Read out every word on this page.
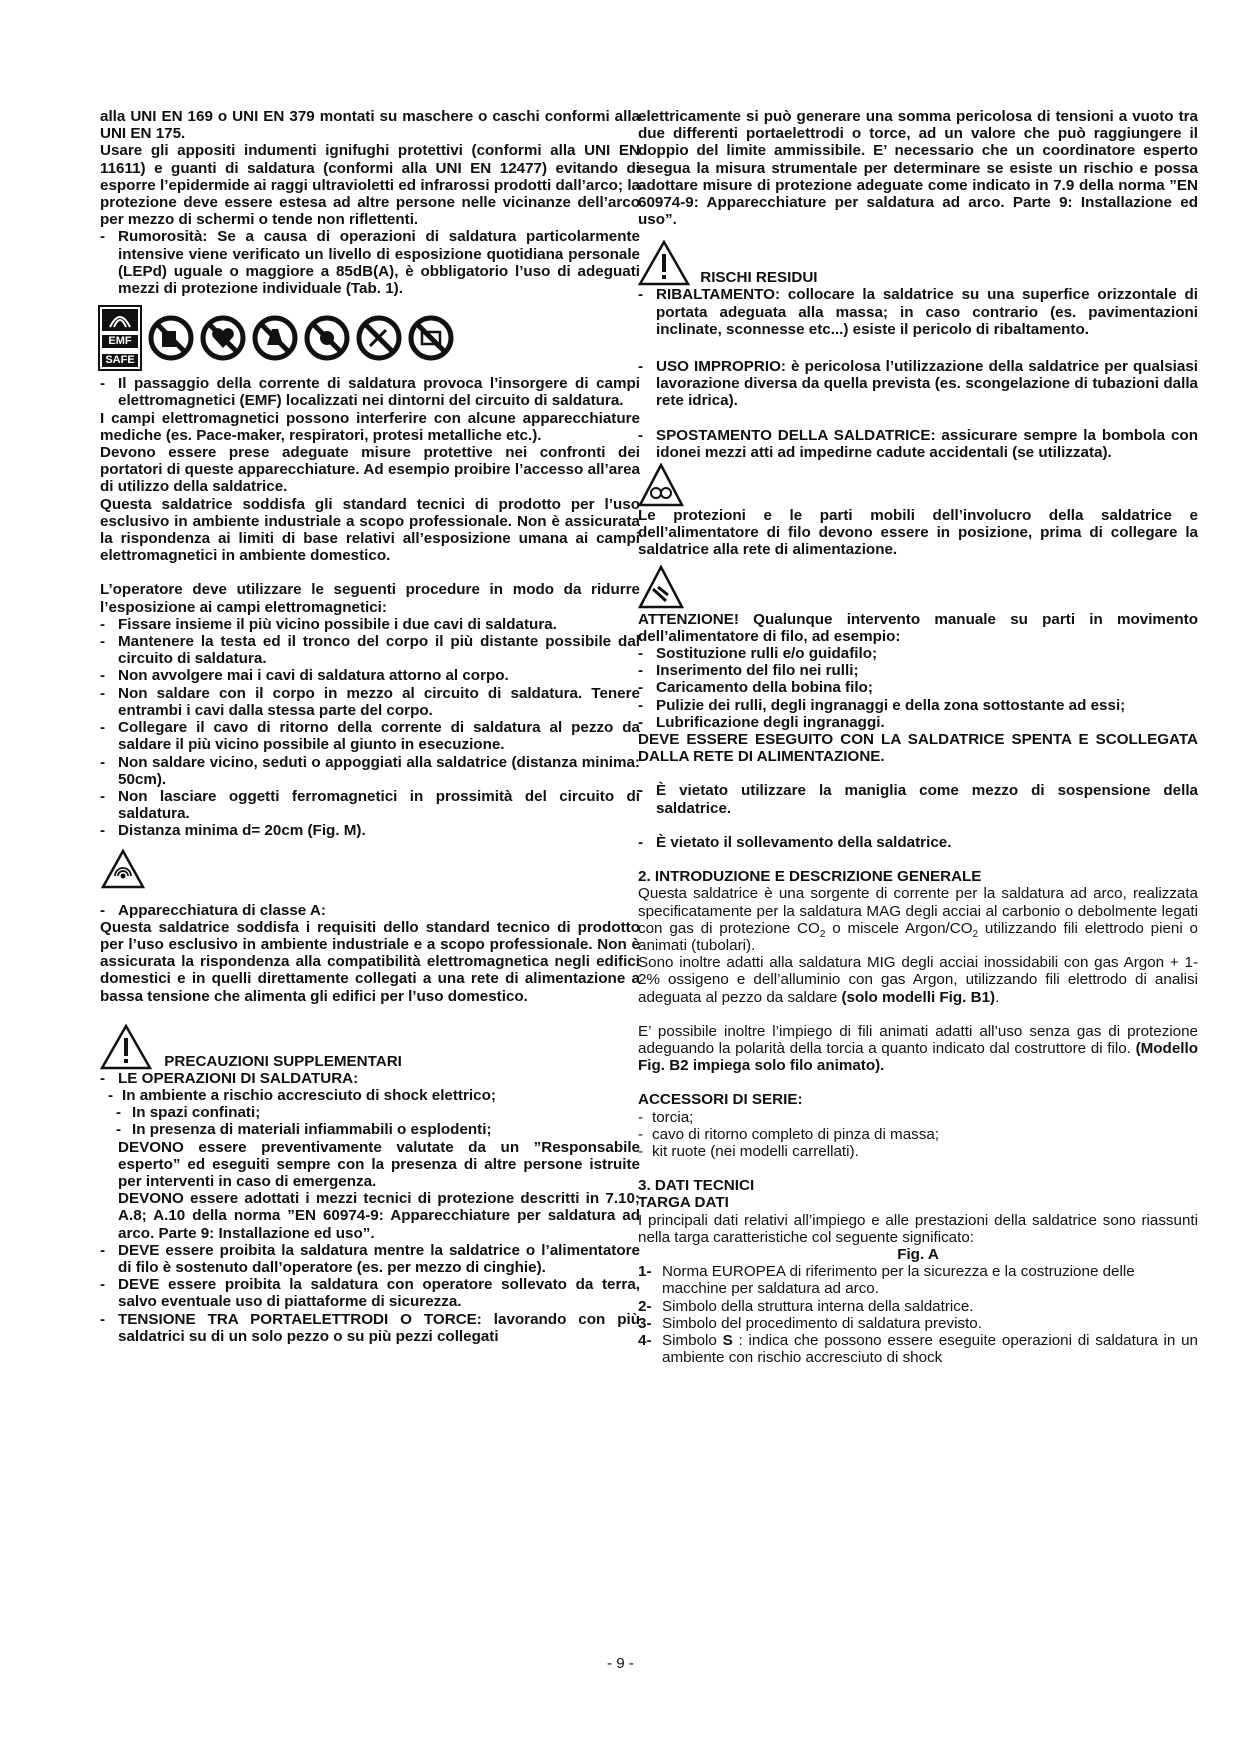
alla UNI EN 169 o UNI EN 379 montati su maschere o caschi conformi alla UNI EN 175.

Usare gli appositi indumenti ignifughi protettivi (conformi alla UNI EN 11611) e guanti di saldatura (conformi alla UNI EN 12477) evitando di esporre l’epidermide ai raggi ultravioletti ed infrarossi prodotti dall’arco; la protezione deve essere estesa ad altre persone nelle vicinanze dell’arco per mezzo di schermi o tende non riflettenti.

- Rumorosità: Se a causa di operazioni di saldatura particolarmente intensive viene verificato un livello di esposizione quotidiana personale (LEPd) uguale o maggiore a 85dB(A), è obbligatorio l’uso di adeguati mezzi di protezione individuale (Tab. 1).
EMF
SAFE
- Il passaggio della corrente di saldatura provoca l’insorgere di campi elettromagnetici (EMF) localizzati nei dintorni del circuito di saldatura.

I campi elettromagnetici possono interferire con alcune apparecchiature mediche (es. Pace-maker, respiratori, protesi metalliche etc.).

Devono essere prese adeguate misure protettive nei confronti dei portatori di queste apparecchiature. Ad esempio proibire l’accesso all’area di utilizzo della saldatrice.

Questa saldatrice soddisfa gli standard tecnici di prodotto per l’uso esclusivo in ambiente industriale a scopo professionale. Non è assicurata la rispondenza ai limiti di base relativi all’esposizione umana ai campi elettromagnetici in ambiente domestico.

L’operatore deve utilizzare le seguenti procedure in modo da ridurre l’esposizione ai campi elettromagnetici:

- Fissare insieme il più vicino possibile i due cavi di saldatura.
- Mantenere la testa ed il tronco del corpo il più distante possibile dal circuito di saldatura.
- Non avvolgere mai i cavi di saldatura attorno al corpo.
- Non saldare con il corpo in mezzo al circuito di saldatura. Tenere entrambi i cavi dalla stessa parte del corpo.
- Collegare il cavo di ritorno della corrente di saldatura al pezzo da saldare il più vicino possibile al giunto in esecuzione.
- Non saldare vicino, seduti o appoggiati alla saldatrice (distanza minima: 50cm).
- Non lasciare oggetti ferromagnetici in prossimità del circuito di saldatura.
- Distanza minima d= 20cm (Fig. M).
- Apparecchiatura di classe A:

Questa saldatrice soddisfa i requisiti dello standard tecnico di prodotto per l’uso esclusivo in ambiente industriale e a scopo professionale. Non è assicurata la rispondenza alla compatibilità elettromagnetica negli edifici domestici e in quelli direttamente collegati a una rete di alimentazione a bassa tensione che alimenta gli edifici per l’uso domestico.

PRECAUZIONI SUPPLEMENTARI
- LE OPERAZIONI DI SALDATURA:
- In ambiente a rischio accresciuto di shock elettrico;
- In spazi confinati;
- In presenza di materiali infiammabili o esplodenti;

DEVONO essere preventivamente valutate da un ”Responsabile esperto” ed eseguiti sempre con la presenza di altre persone istruite per interventi in caso di emergenza.

DEVONO essere adottati i mezzi tecnici di protezione descritti in 7.10; A.8; A.10 della norma ”EN 60974-9: Apparecchiature per saldatura ad arco. Parte 9: Installazione ed uso”.

- DEVE essere proibita la saldatura mentre la saldatrice o l’alimentatore di filo è sostenuto dall’operatore (es. per mezzo di cinghie).
- DEVE essere proibita la saldatura con operatore sollevato da terra, salvo eventuale uso di piattaforme di sicurezza.
- TENSIONE TRA PORTAELETTRODI O TORCE: lavorando con più saldatrici su di un solo pezzo o su più pezzi collegati

elettricamente si può generare una somma pericolosa di tensioni a vuoto tra due differenti portaelettrodi o torce, ad un valore che può raggiungere il doppio del limite ammissibile. E’ necessario che un coordinatore esperto esegua la misura strumentale per determinare se esiste un rischio e possa adottare misure di protezione adeguate come indicato in 7.9 della norma ”EN 60974-9: Apparecchiature per saldatura ad arco. Parte 9: Installazione ed uso”.

RISCHI RESIDUI
- RIBALTAMENTO: collocare la saldatrice su una superfice orizzontale di portata adeguata alla massa; in caso contrario (es. pavimentazioni inclinate, sconnesse etc...) esiste il pericolo di ribaltamento.
- USO IMPROPRIO: è pericolosa l’utilizzazione della saldatrice per qualsiasi lavorazione diversa da quella prevista (es. scongelazione di tubazioni dalla rete idrica).
- SPOSTAMENTO DELLA SALDATRICE: assicurare sempre la bombola con idonei mezzi atti ad impedirne cadute accidentali (se utilizzata).

Le protezioni e le parti mobili dell’involucro della saldatrice e dell’alimentatore di filo devono essere in posizione, prima di collegare la saldatrice alla rete di alimentazione.

ATTENZIONE! Qualunque intervento manuale su parti in movimento dell’alimentatore di filo, ad esempio:

- Sostituzione rulli e/o guidafilo;
- Inserimento del filo nei rulli;
- Caricamento della bobina filo;
- Pulizie dei rulli, degli ingranaggi e della zona sottostante ad essi;
- Lubrificazione degli ingranaggi.

DEVE ESSERE ESEGUITO CON LA SALDATRICE SPENTA E SCOLLEGATA DALLA RETE DI ALIMENTAZIONE.

- È vietato utilizzare la maniglia come mezzo di sospensione della saldatrice.
- È vietato il sollevamento della saldatrice.

2. INTRODUZIONE E DESCRIZIONE GENERALE

Questa saldatrice è una sorgente di corrente per la saldatura ad arco, realizzata specificatamente per la saldatura MAG degli acciai al carbonio o debolmente legati con gas di protezione $CO_2$ o miscele Argon/$CO_2$ utilizzando fili elettrodo pieni o animati (tubolari).

Sono inoltre adatti alla saldatura MIG degli acciai inossidabili con gas Argon + 1-2% ossigeno e dell’alluminio con gas Argon, utilizzando fili elettrodo di analisi adeguata al pezzo da saldare (solo modelli Fig. B1).

E’ possibile inoltre l’impiego di fili animati adatti all’uso senza gas di protezione adeguando la polarità della torcia a quanto indicato dal costruttore di filo. (Modello Fig. B2 impiega solo filo animato).

ACCESSORI DI SERIE:

- torcia;
- cavo di ritorno completo di pinza di massa;
- kit ruote (nei modelli carrellati).

3. DATI TECNICI

TARGA DATI

I principali dati relativi all’impiego e alle prestazioni della saldatrice sono riassunti nella targa caratteristiche col seguente significato:

Fig. A

1- Norma EUROPEA di riferimento per la sicurezza e la costruzione delle macchine per saldatura ad arco.
2- Simbolo della struttura interna della saldatrice.
3- Simbolo del procedimento di saldatura previsto.
4- Simbolo S : indica che possono essere eseguite operazioni di saldatura in un ambiente con rischio accresciuto di shock
- 9 -
